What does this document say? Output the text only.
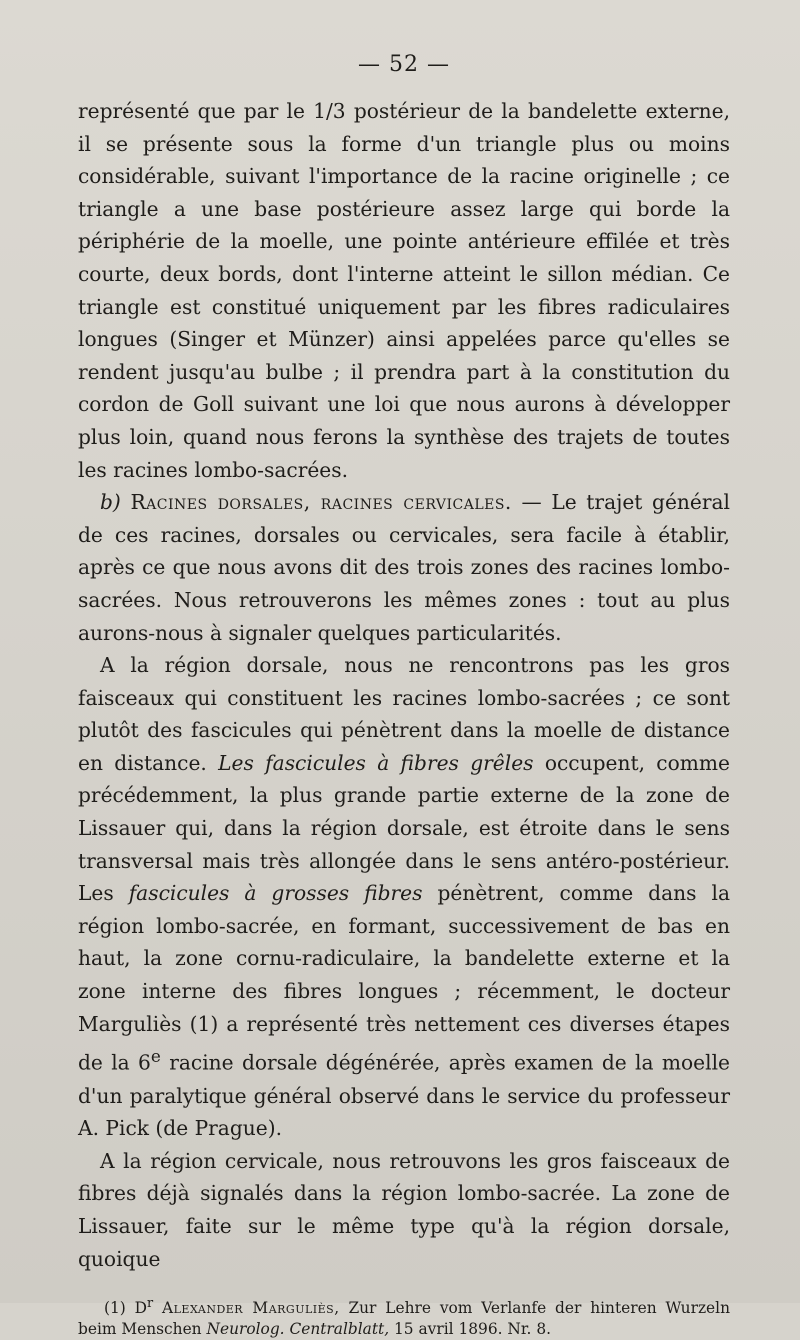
— 52 —

représenté que par le 1/3 postérieur de la bandelette externe, il se présente sous la forme d'un triangle plus ou moins considérable, suivant l'importance de la racine originelle ; ce triangle a une base postérieure assez large qui borde la périphérie de la moelle, une pointe antérieure effilée et très courte, deux bords, dont l'interne atteint le sillon médian. Ce triangle est constitué uniquement par les fibres radiculaires longues (Singer et Münzer) ainsi appelées parce qu'elles se rendent jusqu'au bulbe ; il prendra part à la constitution du cordon de Goll suivant une loi que nous aurons à développer plus loin, quand nous ferons la synthèse des trajets de toutes les racines lombo-sacrées.

b) Racines dorsales, racines cervicales. — Le trajet général de ces racines, dorsales ou cervicales, sera facile à établir, après ce que nous avons dit des trois zones des racines lombo-sacrées. Nous retrouverons les mêmes zones : tout au plus aurons-nous à signaler quelques particularités.

A la région dorsale, nous ne rencontrons pas les gros faisceaux qui constituent les racines lombo-sacrées ; ce sont plutôt des fascicules qui pénètrent dans la moelle de distance en distance. Les fascicules à fibres grêles occupent, comme précédemment, la plus grande partie externe de la zone de Lissauer qui, dans la région dorsale, est étroite dans le sens transversal mais très allongée dans le sens antéro-postérieur. Les fascicules à grosses fibres pénètrent, comme dans la région lombo-sacrée, en formant, successivement de bas en haut, la zone cornu-radiculaire, la bandelette externe et la zone interne des fibres longues ; récemment, le docteur Marguliès (1) a représenté très nettement ces diverses étapes de la 6e racine dorsale dégénérée, après examen de la moelle d'un paralytique général observé dans le service du professeur A. Pick (de Prague).

A la région cervicale, nous retrouvons les gros faisceaux de fibres déjà signalés dans la région lombo-sacrée. La zone de Lissauer, faite sur le même type qu'à la région dorsale, quoique

(1) $D^r$ Alexander Marguliès, Zur Lehre vom Verlanfe der hinteren Wurzeln beim Menschen Neurolog. Centralblatt, 15 avril 1896. Nr. 8.
